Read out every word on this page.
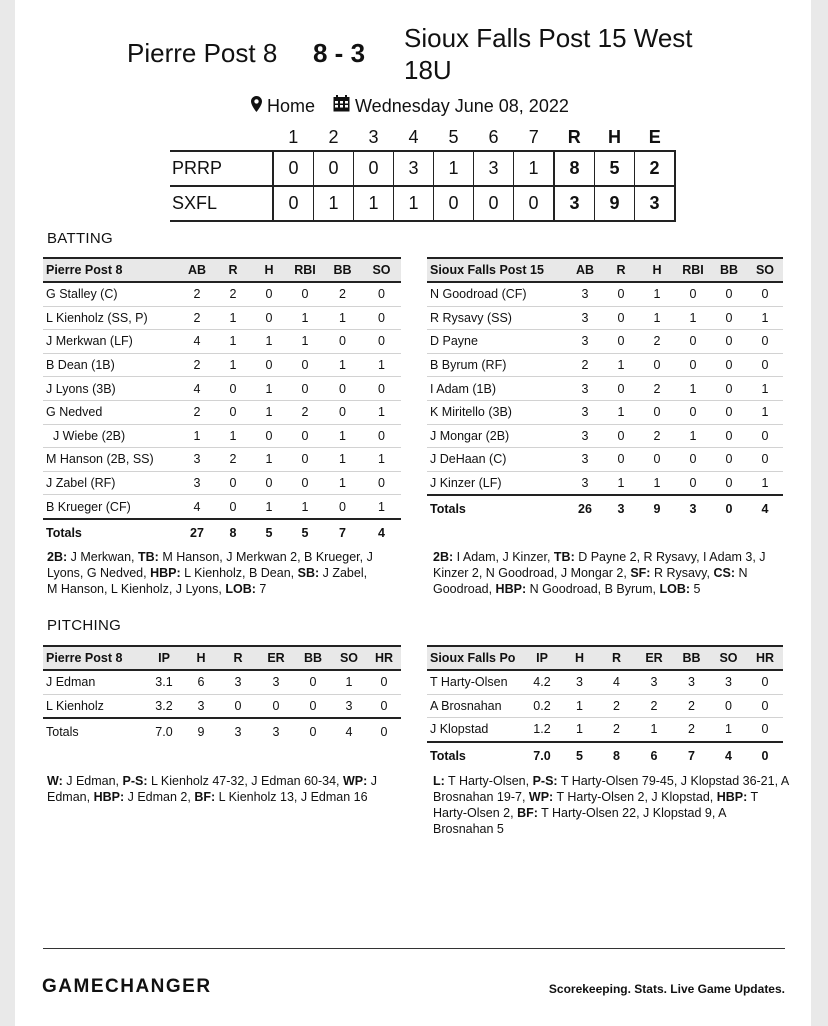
Pierre Post 8 8 - 3 Sioux Falls Post 15 West 18U
Home Wednesday June 08, 2022
	1	2	3	4	5	6	7	R	H	E
PRRP	0	0	0	3	1	3	1	8	5	2
SXFL	0	1	1	1	0	0	0	3	9	3
BATTING
Pierre Post 8	AB	R	H	RBI	BB	SO
G Stalley (C)	2	2	0	0	2	0
L Kienholz (SS, P)	2	1	0	1	1	0
J Merkwan (LF)	4	1	1	1	0	0
B Dean (1B)	2	1	0	0	1	1
J Lyons (3B)	4	0	1	0	0	0
G Nedved	2	0	1	2	0	1
J Wiebe (2B)	1	1	0	0	1	0
M Hanson (2B, SS)	3	2	1	0	1	1
J Zabel (RF)	3	0	0	0	1	0
B Krueger (CF)	4	0	1	1	0	1
Totals	27	8	5	5	7	4
Sioux Falls Post 15	AB	R	H	RBI	BB	SO
N Goodroad (CF)	3	0	1	0	0	0
R Rysavy (SS)	3	0	1	1	0	1
D Payne	3	0	2	0	0	0
B Byrum (RF)	2	1	0	0	0	0
I Adam (1B)	3	0	2	1	0	1
K Miritello (3B)	3	1	0	0	0	1
J Mongar (2B)	3	0	2	1	0	0
J DeHaan (C)	3	0	0	0	0	0
J Kinzer (LF)	3	1	1	0	0	1
Totals	26	3	9	3	0	4
2B: J Merkwan, TB: M Hanson, J Merkwan 2, B Krueger, J Lyons, G Nedved, HBP: L Kienholz, B Dean, SB: J Zabel, M Hanson, L Kienholz, J Lyons, LOB: 7
2B: I Adam, J Kinzer, TB: D Payne 2, R Rysavy, I Adam 3, J Kinzer 2, N Goodroad, J Mongar 2, SF: R Rysavy, CS: N Goodroad, HBP: N Goodroad, B Byrum, LOB: 5
PITCHING
Pierre Post 8	IP	H	R	ER	BB	SO	HR
J Edman	3.1	6	3	3	0	1	0
L Kienholz	3.2	3	0	0	0	3	0
Totals	7.0	9	3	3	0	4	0
Sioux Falls Po	IP	H	R	ER	BB	SO	HR
T Harty-Olsen	4.2	3	4	3	3	3	0
A Brosnahan	0.2	1	2	2	2	0	0
J Klopstad	1.2	1	2	1	2	1	0
Totals	7.0	5	8	6	7	4	0
W: J Edman, P-S: L Kienholz 47-32, J Edman 60-34, WP: J Edman, HBP: J Edman 2, BF: L Kienholz 13, J Edman 16
L: T Harty-Olsen, P-S: T Harty-Olsen 79-45, J Klopstad 36-21, A Brosnahan 19-7, WP: T Harty-Olsen 2, J Klopstad, HBP: T Harty-Olsen 2, BF: T Harty-Olsen 22, J Klopstad 9, A Brosnahan 5
GAMECHANGER	Scorekeeping. Stats. Live Game Updates.
